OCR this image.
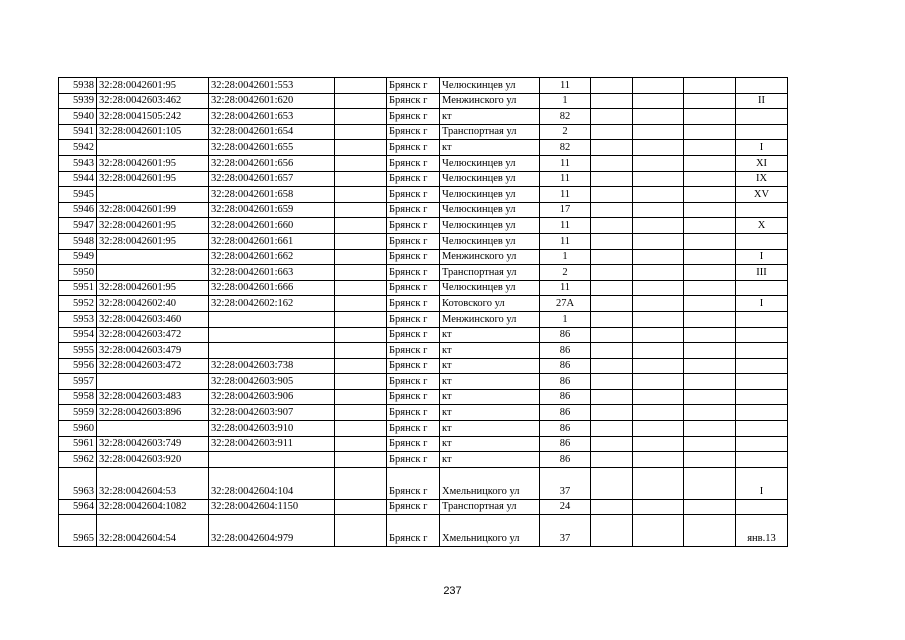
5938	32:28:0042601:95	32:28:0042601:553		Брянск г	Челюскинцев ул	11				
5939	32:28:0042603:462	32:28:0042601:620		Брянск г	Менжинского ул	1				II
5940	32:28:0041505:242	32:28:0042601:653		Брянск г	кт	82				
5941	32:28:0042601:105	32:28:0042601:654		Брянск г	Транспортная ул	2				
5942		32:28:0042601:655		Брянск г	кт	82				I
5943	32:28:0042601:95	32:28:0042601:656		Брянск г	Челюскинцев ул	11				XI
5944	32:28:0042601:95	32:28:0042601:657		Брянск г	Челюскинцев ул	11				IX
5945		32:28:0042601:658		Брянск г	Челюскинцев ул	11				XV
5946	32:28:0042601:99	32:28:0042601:659		Брянск г	Челюскинцев ул	17				
5947	32:28:0042601:95	32:28:0042601:660		Брянск г	Челюскинцев ул	11				X
5948	32:28:0042601:95	32:28:0042601:661		Брянск г	Челюскинцев ул	11				
5949		32:28:0042601:662		Брянск г	Менжинского ул	1				I
5950		32:28:0042601:663		Брянск г	Транспортная ул	2				III
5951	32:28:0042601:95	32:28:0042601:666		Брянск г	Челюскинцев ул	11				
5952	32:28:0042602:40	32:28:0042602:162		Брянск г	Котовского ул	27А				I
5953	32:28:0042603:460			Брянск г	Менжинского ул	1				
5954	32:28:0042603:472			Брянск г	кт	86				
5955	32:28:0042603:479			Брянск г	кт	86				
5956	32:28:0042603:472	32:28:0042603:738		Брянск г	кт	86				
5957		32:28:0042603:905		Брянск г	кт	86				
5958	32:28:0042603:483	32:28:0042603:906		Брянск г	кт	86				
5959	32:28:0042603:896	32:28:0042603:907		Брянск г	кт	86				
5960		32:28:0042603:910		Брянск г	кт	86				
5961	32:28:0042603:749	32:28:0042603:911		Брянск г	кт	86				
5962	32:28:0042603:920			Брянск г	кт	86				
5963	32:28:0042604:53	32:28:0042604:104		Брянск г	Хмельницкого ул	37				I
5964	32:28:0042604:1082	32:28:0042604:1150		Брянск г	Транспортная ул	24				
5965	32:28:0042604:54	32:28:0042604:979		Брянск г	Хмельницкого ул	37				янв.13
237
